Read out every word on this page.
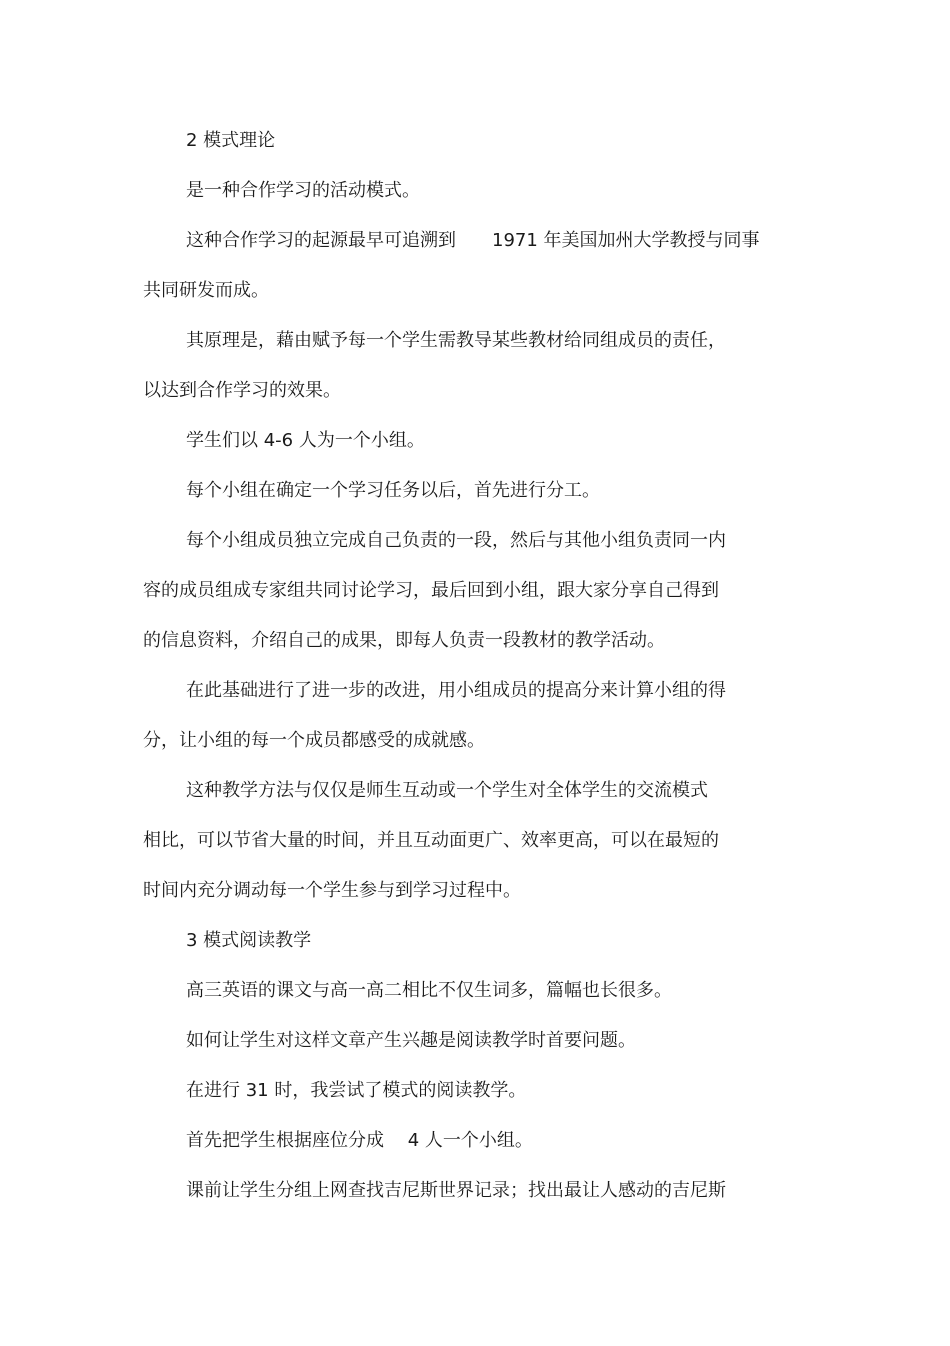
2 模式理论
是一种合作学习的活动模式。
这种合作学习的起源最早可追溯到　　1971 年美国加州大学教授与同事
共同研发而成。
其原理是，藉由赋予每一个学生需教导某些教材给同组成员的责任，
以达到合作学习的效果。
学生们以 4-6 人为一个小组。
每个小组在确定一个学习任务以后，首先进行分工。
每个小组成员独立完成自己负责的一段，然后与其他小组负责同一内
容的成员组成专家组共同讨论学习，最后回到小组，跟大家分享自己得到
的信息资料，介绍自己的成果，即每人负责一段教材的教学活动。
在此基础进行了进一步的改进，用小组成员的提高分来计算小组的得
分，让小组的每一个成员都感受的成就感。
这种教学方法与仅仅是师生互动或一个学生对全体学生的交流模式
相比，可以节省大量的时间，并且互动面更广、效率更高，可以在最短的
时间内充分调动每一个学生参与到学习过程中。
3 模式阅读教学
高三英语的课文与高一高二相比不仅生词多，篇幅也长很多。
如何让学生对这样文章产生兴趣是阅读教学时首要问题。
在进行 31 时，我尝试了模式的阅读教学。
首先把学生根据座位分成　 4 人一个小组。
课前让学生分组上网查找吉尼斯世界记录；找出最让人感动的吉尼斯
